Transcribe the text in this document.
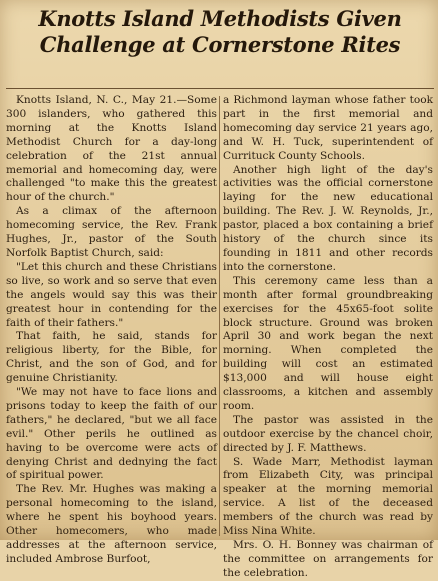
Knotts Island Methodists Given
Challenge at Cornerstone Rites

Knotts Island, N. C., May 21.—Some 300 islanders, who gathered this morning at the Knotts Island Methodist Church for a day-long celebration of the 21st annual memorial and homecoming day, were challenged "to make this the greatest hour of the church."

As a climax of the afternoon homecoming service, the Rev. Frank Hughes, Jr., pastor of the South Norfolk Baptist Church, said:

"Let this church and these Christians so live, so work and so serve that even the angels would say this was their greatest hour in contending for the faith of their fathers."

That faith, he said, stands for religious liberty, for the Bible, for Christ, and the son of God, and for genuine Christianity.

"We may not have to face lions and prisons today to keep the faith of our fathers," he declared, "but we all face evil." Other perils he outlined as having to be overcome were acts of denying Christ and dednying the fact of spiritual power.

The Rev. Mr. Hughes was making a personal homecoming to the island, where he spent his boyhood years. Other homecomers, who made addresses at the afternoon service, included Ambrose Burfoot,

a Richmond layman whose father took part in the first memorial and homecoming day service 21 years ago, and W. H. Tuck, superintendent of Currituck County Schools.

Another high light of the day's activities was the official cornerstone laying for the new educational building. The Rev. J. W. Reynolds, Jr., pastor, placed a box containing a brief history of the church since its founding in 1811 and other records into the cornerstone.

This ceremony came less than a month after formal groundbreaking exercises for the 45x65-foot solite block structure. Ground was broken April 30 and work began the next morning. When completed the building will cost an estimated $13,000 and will house eight classrooms, a kitchen and assembly room.

The pastor was assisted in the outdoor exercise by the chancel choir, directed by J. F. Matthews.

S. Wade Marr, Methodist layman from Elizabeth City, was principal speaker at the morning memorial service. A list of the deceased members of the church was read by Miss Nina White.

Mrs. O. H. Bonney was chairman of the committee on arrangements for the celebration.
